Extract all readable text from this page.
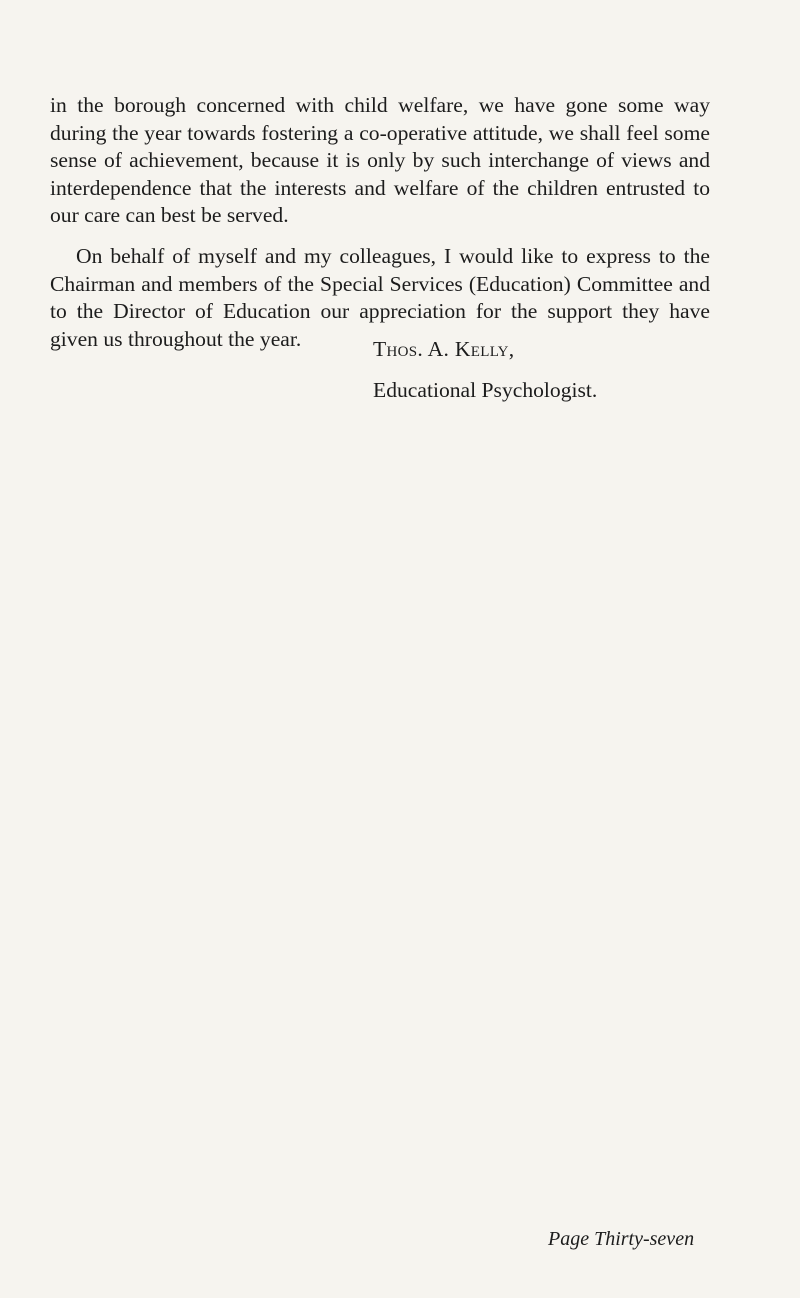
in the borough concerned with child welfare, we have gone some way during the year towards fostering a co-operative attitude, we shall feel some sense of achievement, because it is only by such interchange of views and interdependence that the interests and welfare of the children entrusted to our care can best be served.

On behalf of myself and my colleagues, I would like to express to the Chairman and members of the Special Services (Education) Committee and to the Director of Education our appreciation for the support they have given us throughout the year.	Thos. A. Kelly,
Educational Psychologist.
Page Thirty-seven
